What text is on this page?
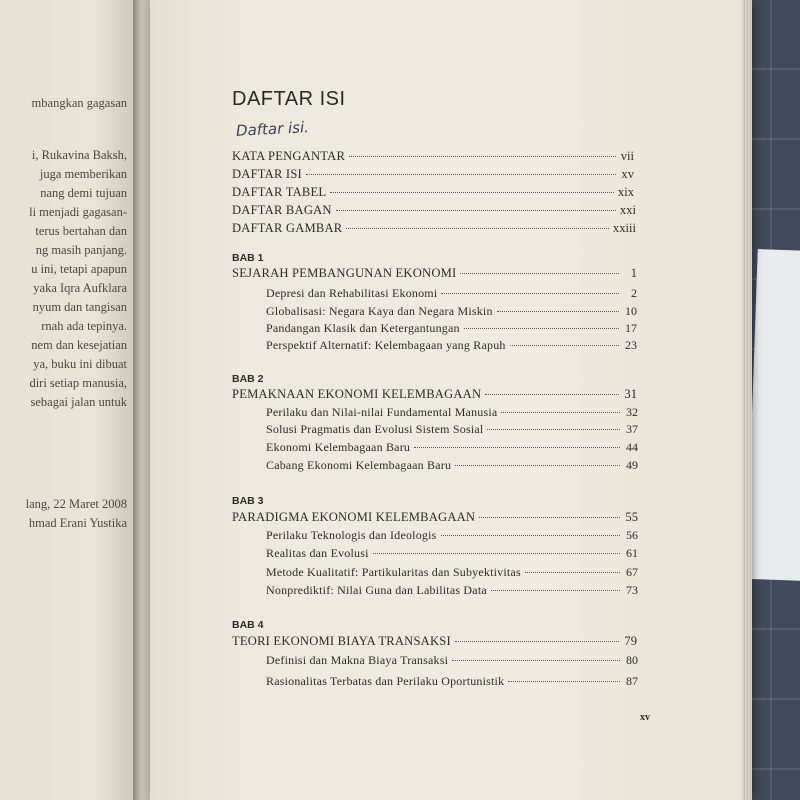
mbangkan gagasan
i, Rukavina Baksh,
juga memberikan
nang demi tujuan
li menjadi gagasan-
terus bertahan dan
ng masih panjang.
u ini, tetapi apapun
yaka Iqra Aufklara
nyum dan tangisan
rnah ada tepinya.
nem dan kesejatian
ya, buku ini dibuat
diri setiap manusia,
sebagai jalan untuk
lang, 22 Maret 2008
hmad Erani Yustika
DAFTAR ISI
Daftar isi.
KATA PENGANTAR	vii
DAFTAR ISI	xv
DAFTAR TABEL	xix
DAFTAR BAGAN	xxi
DAFTAR GAMBAR	xxiii
BAB 1
SEJARAH PEMBANGUNAN EKONOMI	1
Depresi dan Rehabilitasi Ekonomi	2
Globalisasi: Negara Kaya dan Negara Miskin	10
Pandangan Klasik dan Ketergantungan	17
Perspektif Alternatif: Kelembagaan yang Rapuh	23
BAB 2
PEMAKNAAN EKONOMI KELEMBAGAAN	31
Perilaku dan Nilai-nilai Fundamental Manusia	32
Solusi Pragmatis dan Evolusi Sistem Sosial	37
Ekonomi Kelembagaan Baru	44
Cabang Ekonomi Kelembagaan Baru	49
BAB 3
PARADIGMA EKONOMI KELEMBAGAAN	55
Perilaku Teknologis dan Ideologis	56
Realitas dan Evolusi	61
Metode Kualitatif: Partikularitas dan Subyektivitas	67
Nonprediktif: Nilai Guna dan Labilitas Data	73
BAB 4
TEORI EKONOMI BIAYA TRANSAKSI	79
Definisi dan Makna Biaya Transaksi	80
Rasionalitas Terbatas dan Perilaku Oportunistik	87
xv
